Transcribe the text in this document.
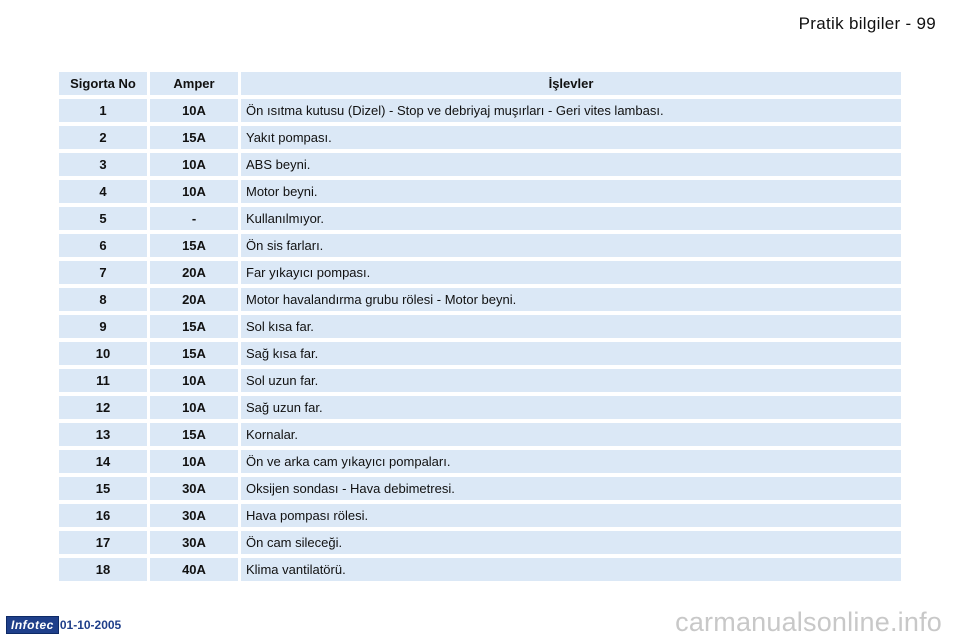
Pratik bilgiler - 99
Sigorta No	Amper	İşlevler
1	10A	Ön ısıtma kutusu (Dizel) - Stop ve debriyaj muşırları - Geri vites lambası.
2	15A	Yakıt pompası.
3	10A	ABS beyni.
4	10A	Motor beyni.
5	-	Kullanılmıyor.
6	15A	Ön sis farları.
7	20A	Far yıkayıcı pompası.
8	20A	Motor havalandırma grubu rölesi - Motor beyni.
9	15A	Sol kısa far.
10	15A	Sağ kısa far.
11	10A	Sol uzun far.
12	10A	Sağ uzun far.
13	15A	Kornalar.
14	10A	Ön ve arka cam yıkayıcı pompaları.
15	30A	Oksijen sondası - Hava debimetresi.
16	30A	Hava pompası rölesi.
17	30A	Ön cam sileceği.
18	40A	Klima vantilatörü.
Infotec 01-10-2005	carmanualsonline.info
